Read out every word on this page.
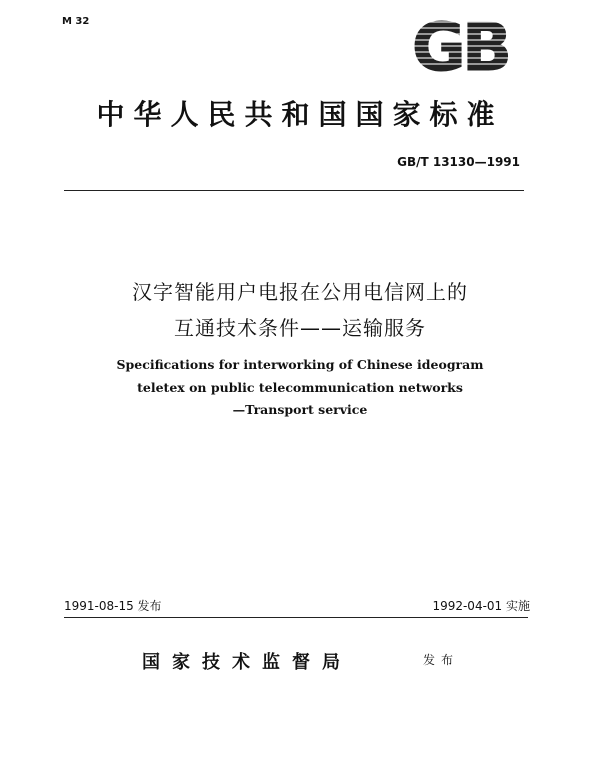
M 32	GB
中华人民共和国国家标准
GB/T 13130—1991
汉字智能用户电报在公用电信网上的
互通技术条件——运输服务
Specifications for interworking of Chinese ideogram
teletex on public telecommunication networks
—Transport service
1991-08-15 发布	1992-04-01 实施
国家技术监督局	发布
